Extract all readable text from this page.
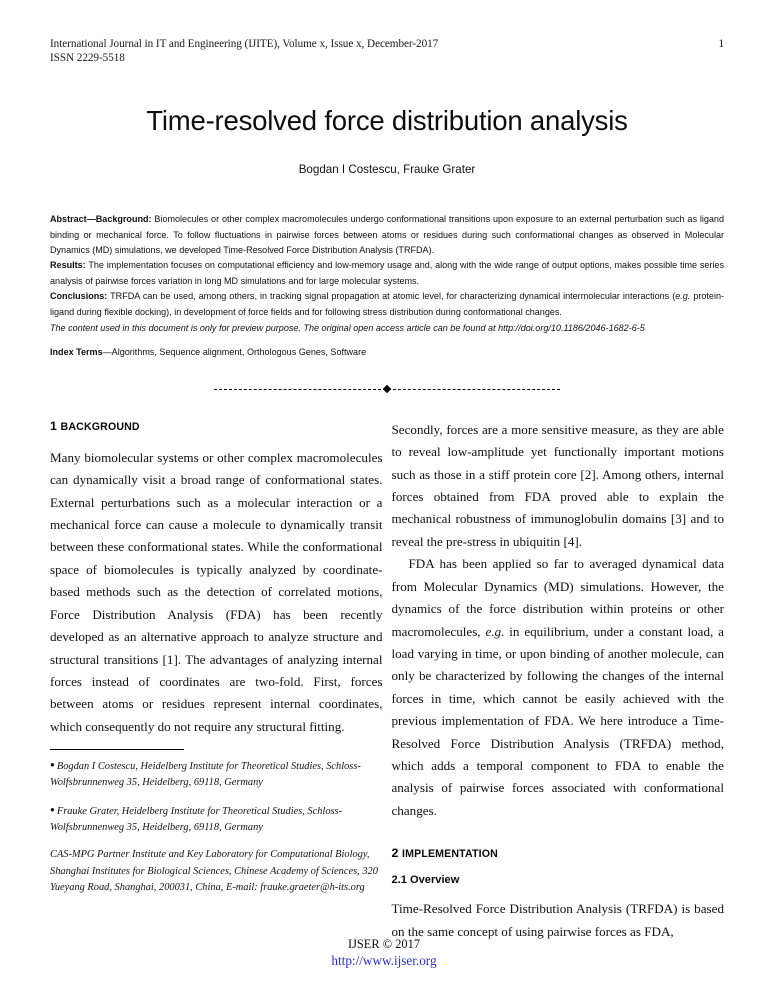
International Journal in IT and Engineering (IJITE), Volume x, Issue x, December-2017
ISSN 2229-5518
1
Time-resolved force distribution analysis
Bogdan I Costescu, Frauke Grater

Abstract—Background: Biomolecules or other complex macromolecules undergo conformational transitions upon exposure to an external perturbation such as ligand binding or mechanical force. To follow fluctuations in pairwise forces between atoms or residues during such conformational changes as observed in Molecular Dynamics (MD) simulations, we developed Time-Resolved Force Distribution Analysis (TRFDA).

Results: The implementation focuses on computational efficiency and low-memory usage and, along with the wide range of output options, makes possible time series analysis of pairwise forces variation in long MD simulations and for large molecular systems.

Conclusions: TRFDA can be used, among others, in tracking signal propagation at atomic level, for characterizing dynamical intermolecular interactions (e.g. protein-ligand during flexible docking), in development of force fields and for following stress distribution during conformational changes.

The content used in this document is only for preview purpose. The original open access article can be found at http://doi.org/10.1186/2046-1682-6-5
Index Terms—Algorithms, Sequence alignment, Orthologous Genes, Software
1 BACKGROUND

Many biomolecular systems or other complex macromolecules can dynamically visit a broad range of conformational states. External perturbations such as a molecular interaction or a mechanical force can cause a molecule to dynamically transit between these conformational states. While the conformational space of biomolecules is typically analyzed by coordinate-based methods such as the detection of correlated motions, Force Distribution Analysis (FDA) has been recently developed as an alternative approach to analyze structure and structural transitions [1]. The advantages of analyzing internal forces instead of coordinates are two-fold. First, forces between atoms or residues represent internal coordinates, which consequently do not require any structural fitting.

● Bogdan I Costescu, Heidelberg Institute for Theoretical Studies, Schloss-Wolfsbrunnenweg 35, Heidelberg, 69118, Germany

● Frauke Grater, Heidelberg Institute for Theoretical Studies, Schloss-Wolfsbrunnenweg 35, Heidelberg, 69118, Germany

CAS-MPG Partner Institute and Key Laboratory for Computational Biology, Shanghai Institutes for Biological Sciences, Chinese Academy of Sciences, 320 Yueyang Road, Shanghai, 200031, China, E-mail: frauke.graeter@h-its.org

Secondly, forces are a more sensitive measure, as they are able to reveal low-amplitude yet functionally important motions such as those in a stiff protein core [2]. Among others, internal forces obtained from FDA proved able to explain the mechanical robustness of immunoglobulin domains [3] and to reveal the pre-stress in ubiquitin [4].

FDA has been applied so far to averaged dynamical data from Molecular Dynamics (MD) simulations. However, the dynamics of the force distribution within proteins or other macromolecules, e.g. in equilibrium, under a constant load, a load varying in time, or upon binding of another molecule, can only be characterized by following the changes of the internal forces in time, which cannot be easily achieved with the previous implementation of FDA. We here introduce a Time-Resolved Force Distribution Analysis (TRFDA) method, which adds a temporal component to FDA to enable the analysis of pairwise forces associated with conformational changes.

2 IMPLEMENTATION
2.1 Overview

Time-Resolved Force Distribution Analysis (TRFDA) is based on the same concept of using pairwise forces as FDA,

IJSER © 2017
http://www.ijser.org
